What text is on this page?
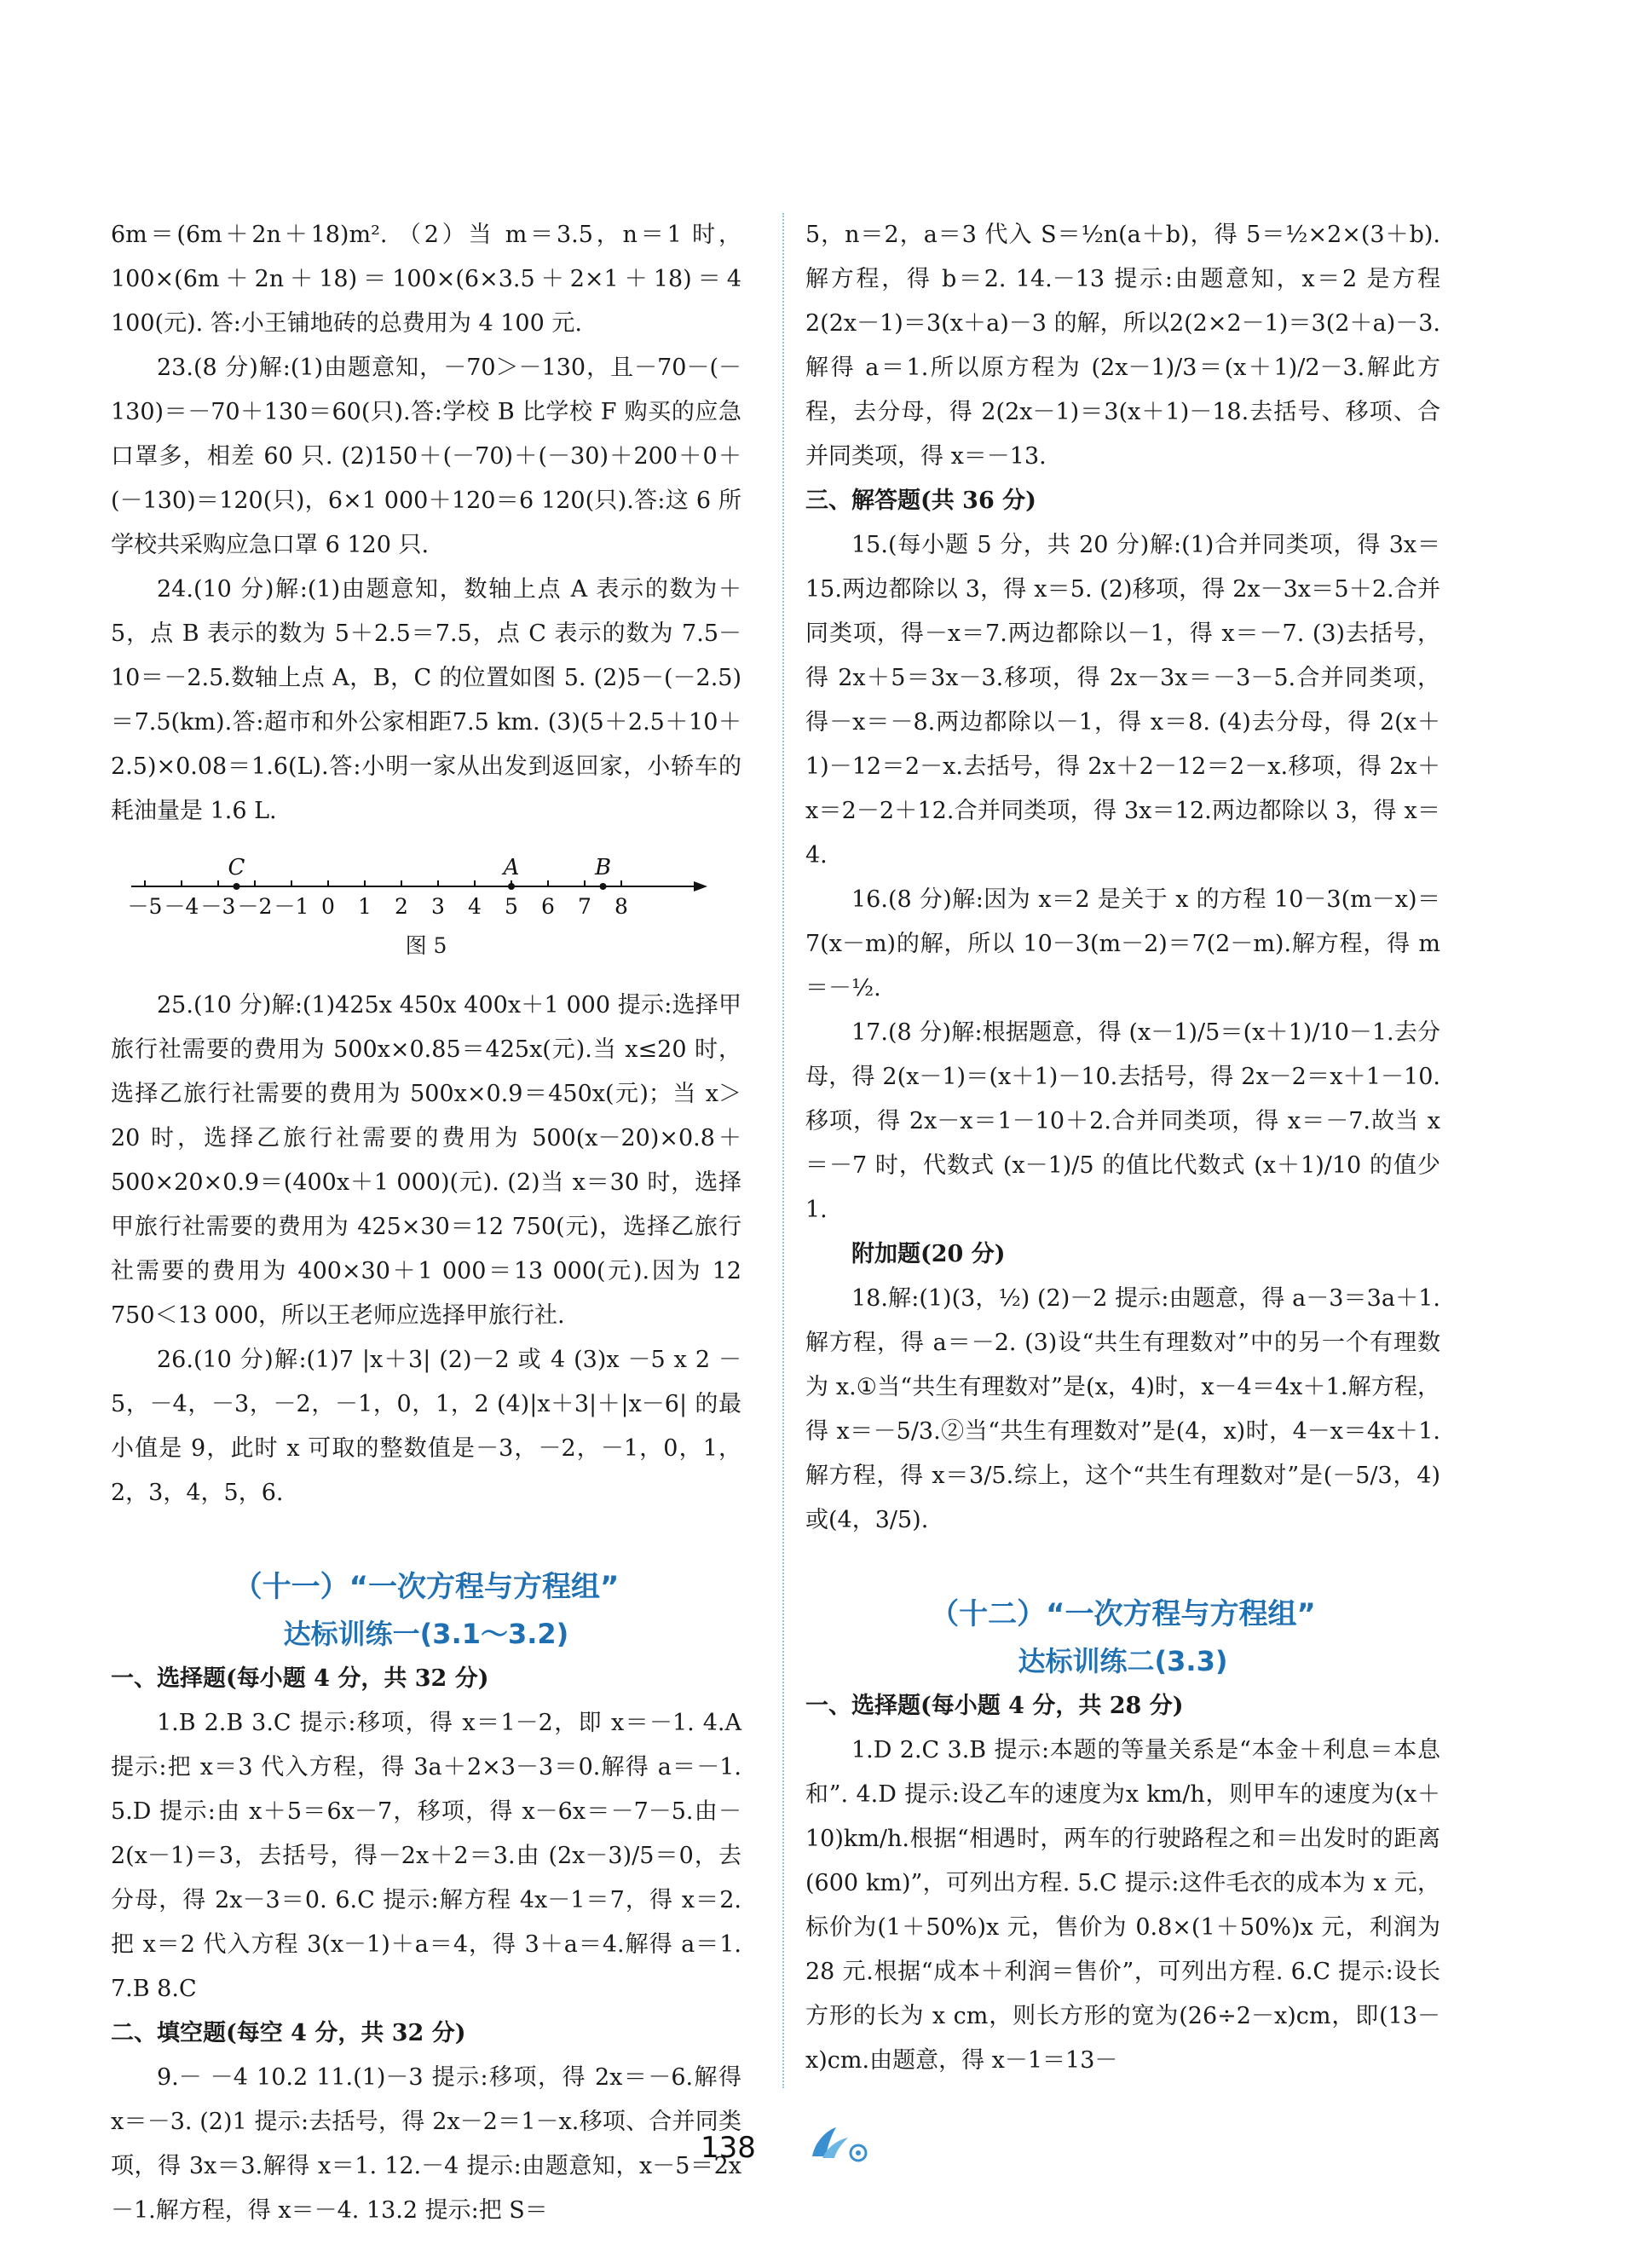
6m＝(6m＋2n＋18)m². （2）当 m＝3.5，n＝1 时，100×(6m＋2n＋18)＝100×(6×3.5＋2×1＋18)＝4 100(元). 答:小王铺地砖的总费用为 4 100 元.

23.(8 分)解:(1)由题意知，－70＞－130，且－70－(－130)＝－70＋130＝60(只).答:学校 B 比学校 F 购买的应急口罩多，相差 60 只. (2)150＋(－70)＋(－30)＋200＋0＋(－130)＝120(只)，6×1 000＋120＝6 120(只).答:这 6 所学校共采购应急口罩 6 120 只.

24.(10 分)解:(1)由题意知，数轴上点 A 表示的数为＋5，点 B 表示的数为 5＋2.5＝7.5，点 C 表示的数为 7.5－10＝－2.5.数轴上点 A，B，C 的位置如图 5. (2)5－(－2.5)＝7.5(km).答:超市和外公家相距7.5 km. (3)(5＋2.5＋10＋2.5)×0.08＝1.6(L).答:小明一家从出发到返回家，小轿车的耗油量是 1.6 L.

－5 －4 －3 －2 －1 0 1 2 3 4 5 6 7 8
C	A	B
图 5

25.(10 分)解:(1)425x 450x 400x＋1 000 提示:选择甲旅行社需要的费用为 500x×0.85＝425x(元).当 x≤20 时，选择乙旅行社需要的费用为 500x×0.9＝450x(元)；当 x＞20 时，选择乙旅行社需要的费用为 500(x－20)×0.8＋500×20×0.9＝(400x＋1 000)(元). (2)当 x＝30 时，选择甲旅行社需要的费用为 425×30＝12 750(元)，选择乙旅行社需要的费用为 400×30＋1 000＝13 000(元).因为 12 750＜13 000，所以王老师应选择甲旅行社.

26.(10 分)解:(1)7 |x＋3| (2)－2 或 4 (3)x －5 x 2 －5，－4，－3，－2，－1，0，1，2 (4)|x＋3|＋|x－6| 的最小值是 9，此时 x 可取的整数值是－3，－2，－1，0，1，2，3，4，5，6.

（十一）“一次方程与方程组”
达标训练一(3.1～3.2)
一、选择题(每小题 4 分，共 32 分)

1.B 2.B 3.C 提示:移项，得 x＝1－2，即 x＝－1. 4.A 提示:把 x＝3 代入方程，得 3a＋2×3－3＝0.解得 a＝－1. 5.D 提示:由 x＋5＝6x－7，移项，得 x－6x＝－7－5.由－2(x－1)＝3，去括号，得－2x＋2＝3.由 (2x－3)/5＝0，去分母，得 2x－3＝0. 6.C 提示:解方程 4x－1＝7，得 x＝2.把 x＝2 代入方程 3(x－1)＋a＝4，得 3＋a＝4.解得 a＝1. 7.B 8.C

二、填空题(每空 4 分，共 32 分)

9.－ －4 10.2 11.(1)－3 提示:移项，得 2x＝－6.解得 x＝－3. (2)1 提示:去括号，得 2x－2＝1－x.移项、合并同类项，得 3x＝3.解得 x＝1. 12.－4 提示:由题意知，x－5＝2x－1.解方程，得 x＝－4. 13.2 提示:把 S＝

5，n＝2，a＝3 代入 S＝½n(a＋b)，得 5＝½×2×(3＋b).解方程，得 b＝2. 14.－13 提示:由题意知，x＝2 是方程 2(2x－1)＝3(x＋a)－3 的解，所以2(2×2－1)＝3(2＋a)－3.解得 a＝1.所以原方程为 (2x－1)/3＝(x＋1)/2－3.解此方程，去分母，得 2(2x－1)＝3(x＋1)－18.去括号、移项、合并同类项，得 x＝－13.

三、解答题(共 36 分)

15.(每小题 5 分，共 20 分)解:(1)合并同类项，得 3x＝15.两边都除以 3，得 x＝5. (2)移项，得 2x－3x＝5＋2.合并同类项，得－x＝7.两边都除以－1，得 x＝－7. (3)去括号，得 2x＋5＝3x－3.移项，得 2x－3x＝－3－5.合并同类项，得－x＝－8.两边都除以－1，得 x＝8. (4)去分母，得 2(x＋1)－12＝2－x.去括号，得 2x＋2－12＝2－x.移项，得 2x＋x＝2－2＋12.合并同类项，得 3x＝12.两边都除以 3，得 x＝4.

16.(8 分)解:因为 x＝2 是关于 x 的方程 10－3(m－x)＝7(x－m)的解，所以 10－3(m－2)＝7(2－m).解方程，得 m＝－½.

17.(8 分)解:根据题意，得 (x－1)/5＝(x＋1)/10－1.去分母，得 2(x－1)＝(x＋1)－10.去括号，得 2x－2＝x＋1－10.移项，得 2x－x＝1－10＋2.合并同类项，得 x＝－7.故当 x＝－7 时，代数式 (x－1)/5 的值比代数式 (x＋1)/10 的值少 1.

附加题(20 分)

18.解:(1)(3，½) (2)－2 提示:由题意，得 a－3＝3a＋1.解方程，得 a＝－2. (3)设“共生有理数对”中的另一个有理数为 x.①当“共生有理数对”是(x，4)时，x－4＝4x＋1.解方程，得 x＝－5/3.②当“共生有理数对”是(4，x)时，4－x＝4x＋1.解方程，得 x＝3/5.综上，这个“共生有理数对”是(－5/3，4)或(4，3/5).

（十二）“一次方程与方程组”
达标训练二(3.3)
一、选择题(每小题 4 分，共 28 分)

1.D 2.C 3.B 提示:本题的等量关系是“本金＋利息＝本息和”. 4.D 提示:设乙车的速度为x km/h，则甲车的速度为(x＋10)km/h.根据“相遇时，两车的行驶路程之和＝出发时的距离(600 km)”，可列出方程. 5.C 提示:这件毛衣的成本为 x 元，标价为(1＋50%)x 元，售价为 0.8×(1＋50%)x 元，利润为 28 元.根据“成本＋利润＝售价”，可列出方程. 6.C 提示:设长方形的长为 x cm，则长方形的宽为(26÷2－x)cm，即(13－x)cm.由题意，得 x－1＝13－

138
